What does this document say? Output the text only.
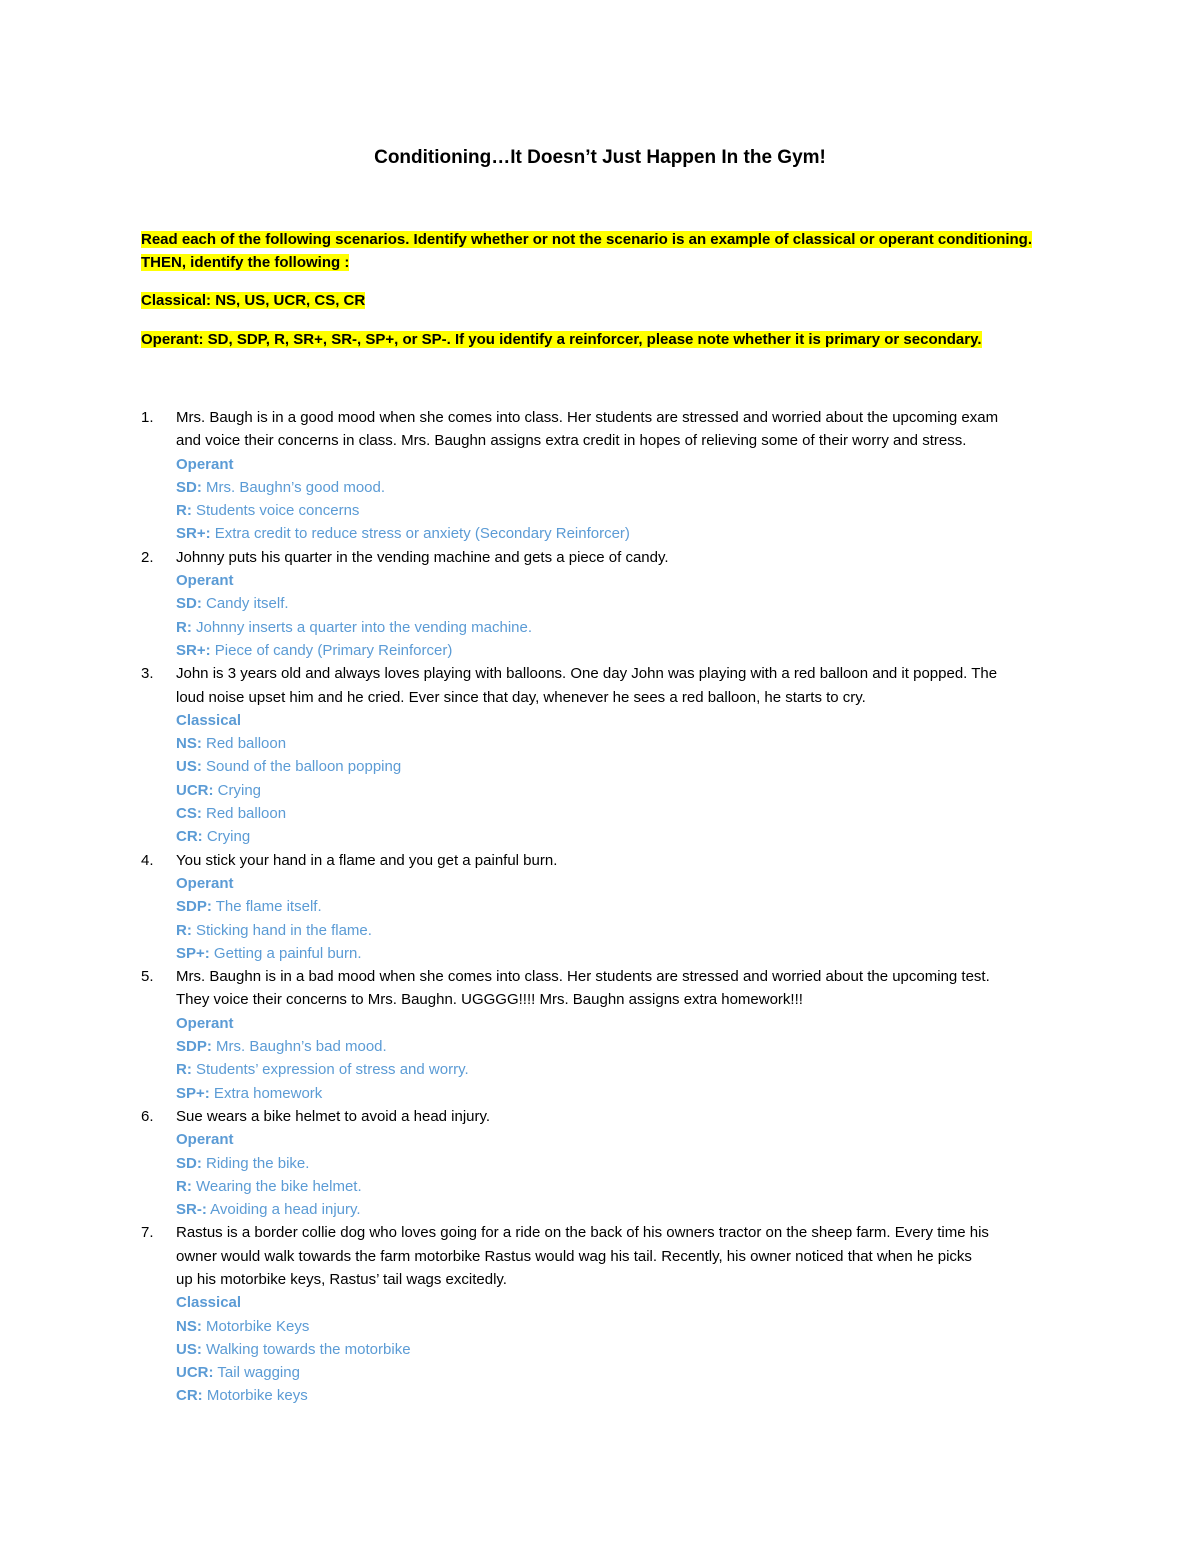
Conditioning…It Doesn’t Just Happen In the Gym!
Read each of the following scenarios. Identify whether or not the scenario is an example of classical or operant conditioning.
THEN, identify the following :
Classical: NS, US, UCR, CS, CR
Operant: SD, SDP, R, SR+, SR-, SP+, or SP-. If you identify a reinforcer, please note whether it is primary or secondary.
1. Mrs. Baugh is in a good mood when she comes into class. Her students are stressed and worried about the upcoming exam
and voice their concerns in class. Mrs. Baughn assigns extra credit in hopes of relieving some of their worry and stress.
Operant
SD: Mrs. Baughn’s good mood.
R: Students voice concerns
SR+: Extra credit to reduce stress or anxiety (Secondary Reinforcer)
2. Johnny puts his quarter in the vending machine and gets a piece of candy.
Operant
SD: Candy itself.
R: Johnny inserts a quarter into the vending machine.
SR+: Piece of candy (Primary Reinforcer)
3. John is 3 years old and always loves playing with balloons. One day John was playing with a red balloon and it popped. The
loud noise upset him and he cried. Ever since that day, whenever he sees a red balloon, he starts to cry.
Classical
NS: Red balloon
US: Sound of the balloon popping
UCR: Crying
CS: Red balloon
CR: Crying
4. You stick your hand in a flame and you get a painful burn.
Operant
SDP: The flame itself.
R: Sticking hand in the flame.
SP+: Getting a painful burn.
5. Mrs. Baughn is in a bad mood when she comes into class. Her students are stressed and worried about the upcoming test.
They voice their concerns to Mrs. Baughn. UGGGG!!!! Mrs. Baughn assigns extra homework!!!
Operant
SDP: Mrs. Baughn’s bad mood.
R: Students’ expression of stress and worry.
SP+: Extra homework
6. Sue wears a bike helmet to avoid a head injury.
Operant
SD: Riding the bike.
R: Wearing the bike helmet.
SR-: Avoiding a head injury.
7. Rastus is a border collie dog who loves going for a ride on the back of his owners tractor on the sheep farm. Every time his
owner would walk towards the farm motorbike Rastus would wag his tail. Recently, his owner noticed that when he picks
up his motorbike keys, Rastus’ tail wags excitedly.
Classical
NS: Motorbike Keys
US: Walking towards the motorbike
UCR: Tail wagging
CR: Motorbike keys
